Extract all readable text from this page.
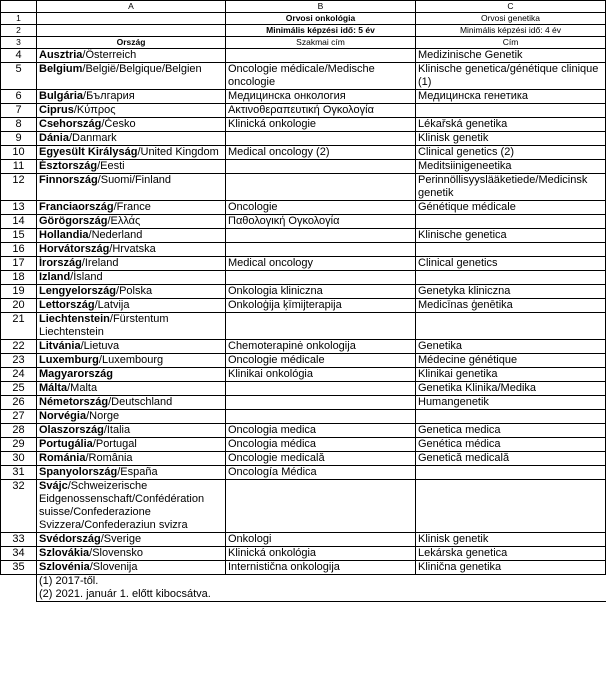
	A	B	C
1		Orvosi onkológia	Orvosi genetika
2		Minimális képzési idő: 5 év	Minimális képzési idő: 4 év
3	Ország	Szakmai cím	Cím
4	Ausztria/Österreich		Medizinische Genetik
5	Belgium/België/Belgique/Belgien	Oncologie médicale/Medische oncologie	Klinische genetica/génétique clinique (1)
6	Bulgária/България	Медицинска онкология	Медицинска генетика
7	Ciprus/Κύπρος	Ακτινοθεραπευτική Ογκολογία	
8	Csehország/Česko	Klinická onkologie	Lékařská genetika
9	Dánia/Danmark		Klinisk genetik
10	Egyesült Királyság/United Kingdom	Medical oncology (2)	Clinical genetics (2)
11	Észtország/Eesti		Meditsiinigeneetika
12	Finnország/Suomi/Finland		Perinnöllisyyslääketiede/Medicinsk genetik
13	Franciaország/France	Oncologie	Génétique médicale
14	Görögország/Ελλάς	Παθολογική Ογκολογία	
15	Hollandia/Nederland		Klinische genetica
16	Horvátország/Hrvatska		
17	Írország/Ireland	Medical oncology	Clinical genetics
18	Izland/Ísland		
19	Lengyelország/Polska	Onkologia kliniczna	Genetyka kliniczna
20	Lettország/Latvija	Onkoloģija ķīmijterapija	Medicīnas ģenētika
21	Liechtenstein/Fürstentum Liechtenstein		
22	Litvánia/Lietuva	Chemoterapinė onkologija	Genetika
23	Luxemburg/Luxembourg	Oncologie médicale	Médecine génétique
24	Magyarország	Klinikai onkológia	Klinikai genetika
25	Málta/Malta		Ġenetika Klinika/Medika
26	Németország/Deutschland		Humangenetik
27	Norvégia/Norge		
28	Olaszország/Italia	Oncologia medica	Genetica medica
29	Portugália/Portugal	Oncologia médica	Genética médica
30	Románia/România	Oncologie medicală	Genetică medicală
31	Spanyolország/España	Oncología Médica	
32	Svájc/Schweizerische Eidgenossenschaft/Confédération suisse/Confederazione Svizzera/Confederaziun svizra		
33	Svédország/Sverige	Onkologi	Klinisk genetik
34	Szlovákia/Slovensko	Klinická onkológia	Lekárska genetica
35	Szlovénia/Slovenija	Internistična onkologija	Klinična genetika
	(1) 2017-től.		
	(2) 2021. január 1. előtt kibocsátva.		
